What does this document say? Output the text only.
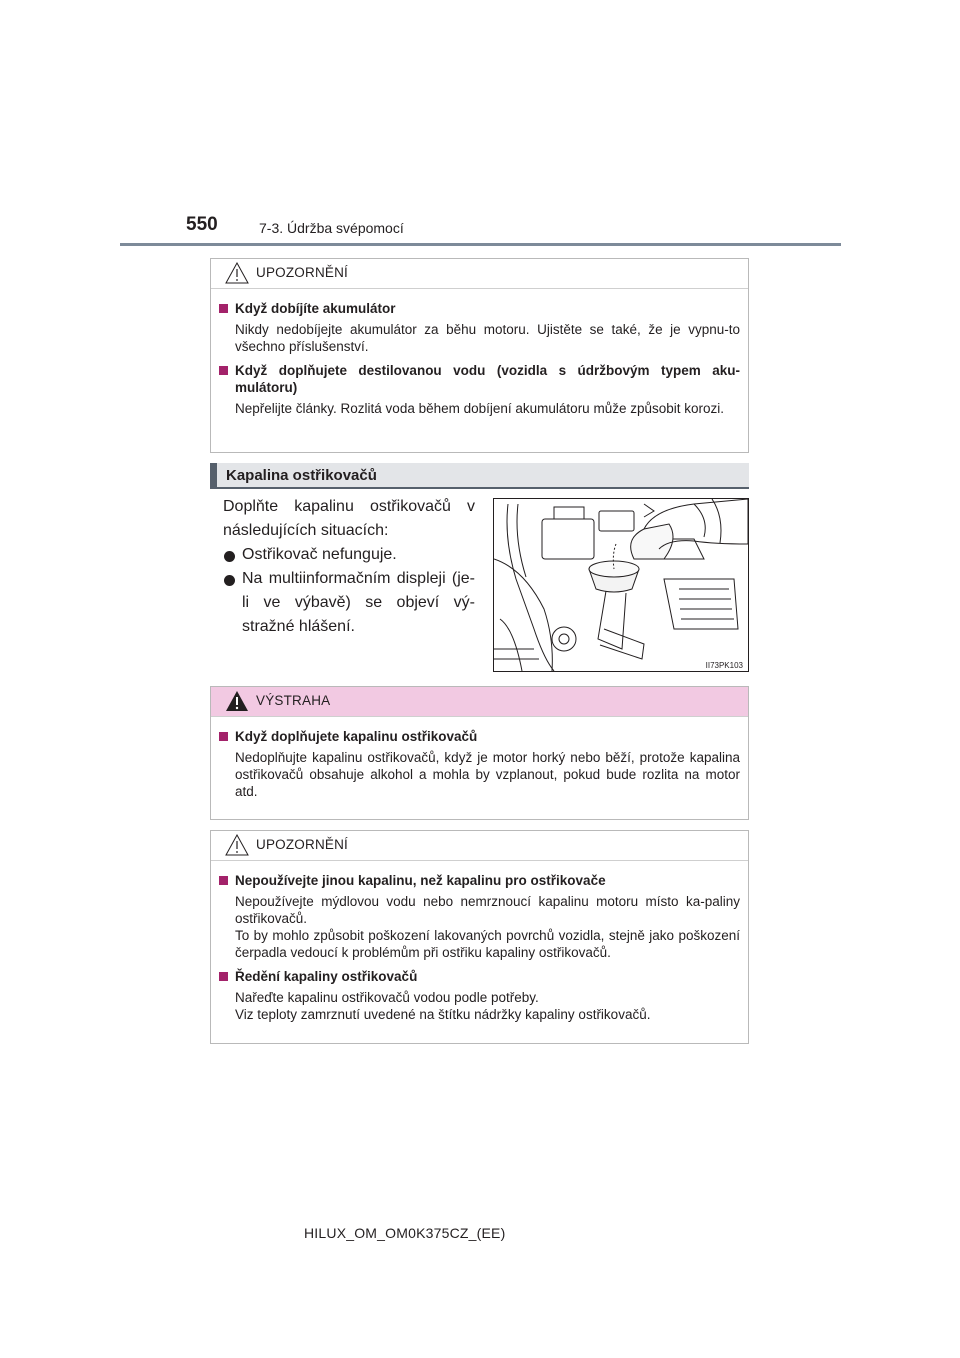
550	7-3. Údržba svépomocí
UPOZORNĚNÍ
Když dobíjíte akumulátor
Nikdy nedobíjejte akumulátor za běhu motoru. Ujistěte se také, že je vypnu-to všechno příslušenství.
Když doplňujete destilovanou vodu (vozidla s údržbovým typem aku-mulátoru)
Nepřelijte články. Rozlitá voda během dobíjení akumulátoru může způsobit korozi.
Kapalina ostřikovačů
Doplňte kapalinu ostřikovačů v následujících situacích:
Ostřikovač nefunguje.
Na multiinformačním displeji (je-li ve výbavě) se objeví vý-stražné hlášení.
II73PK103
VÝSTRAHA
Když doplňujete kapalinu ostřikovačů
Nedoplňujte kapalinu ostřikovačů, když je motor horký nebo běží, protože kapalina ostřikovačů obsahuje alkohol a mohla by vzplanout, pokud bude rozlita na motor atd.
UPOZORNĚNÍ
Nepoužívejte jinou kapalinu, než kapalinu pro ostřikovače
Nepoužívejte mýdlovou vodu nebo nemrznoucí kapalinu motoru místo ka-paliny ostřikovačů.
To by mohlo způsobit poškození lakovaných povrchů vozidla, stejně jako poškození čerpadla vedoucí k problémům při ostřiku kapaliny ostřikovačů.
Ředění kapaliny ostřikovačů
Nařeďte kapalinu ostřikovačů vodou podle potřeby.
Viz teploty zamrznutí uvedené na štítku nádržky kapaliny ostřikovačů.
HILUX_OM_OM0K375CZ_(EE)
